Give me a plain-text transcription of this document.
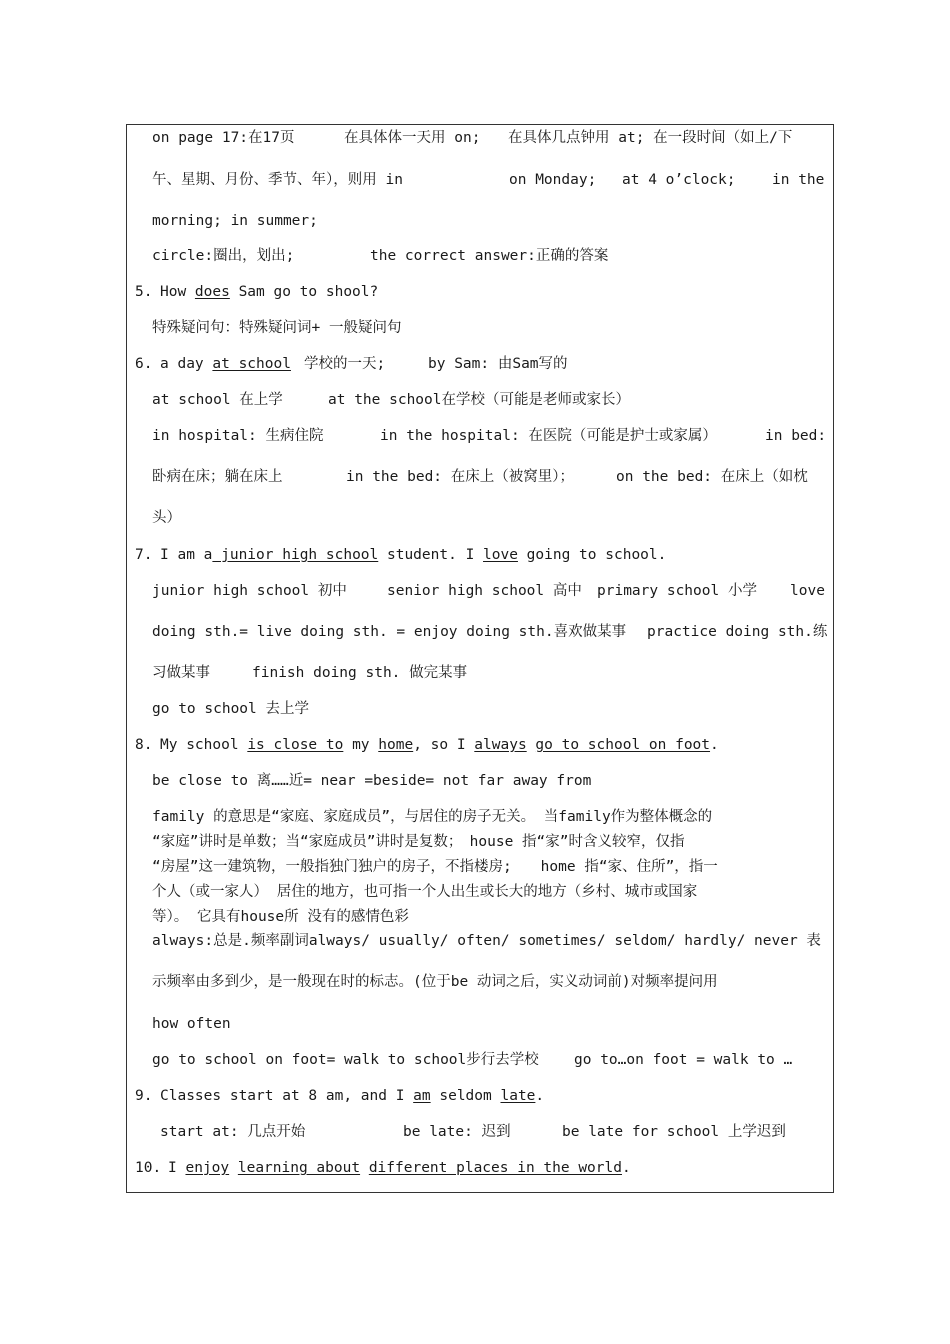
on page 17:在17页	在具体体一天用 on; 在具体几点钟用 at; 在一段时间（如上/下
午、星期、月份、季节、年），则用 in	on Monday; at 4 o’clock;	in the
morning; in summer;
circle:圈出，划出;	the correct answer:正确的答案
5. How does Sam go to shool?
特殊疑问句：特殊疑问词+ 一般疑问句
6. a day at school 学校的一天;	by Sam: 由Sam写的
at school 在上学	at the school在学校（可能是老师或家长）
in hospital: 生病住院	in the hospital: 在医院（可能是护士或家属）	in bed:
卧病在床；躺在床上	in the bed: 在床上（被窝里）；	on the bed: 在床上（如枕
头）
7. I am a junior high school student. I love going to school.
junior high school 初中	senior high school 高中 primary school 小学 love
doing sth.= live doing sth. = enjoy doing sth.喜欢做某事 practice doing sth.练
习做某事	finish doing sth. 做完某事
go to school 去上学
8. My school is close to my home, so I always go to school on foot.
be close to 离……近= near =beside= not far away from
family 的意思是“家庭、家庭成员”，与居住的房子无关。 当family作为整体概念的
“家庭”讲时是单数；当“家庭成员”讲时是复数；　house 指“家”时含义较窄，仅指
“房屋”这一建筑物，一般指独门独户的房子，不指楼房;　　home 指“家、住所”，指一
个人（或一家人） 居住的地方，也可指一个人出生或长大的地方（乡村、城市或国家
等）。 它具有house所 没有的感情色彩
always:总是.频率副词always/ usually/ often/ sometimes/ seldom/ hardly/ never 表
示频率由多到少，是一般现在时的标志。(位于be 动词之后，实义动词前)对频率提问用
how often
go to school on foot= walk to school步行去学校 go to…on foot = walk to …
9. Classes start at 8 am, and I am seldom late.
start at: 几点开始	be late: 迟到	be late for school 上学迟到
10. I enjoy learning about different places in the world.
